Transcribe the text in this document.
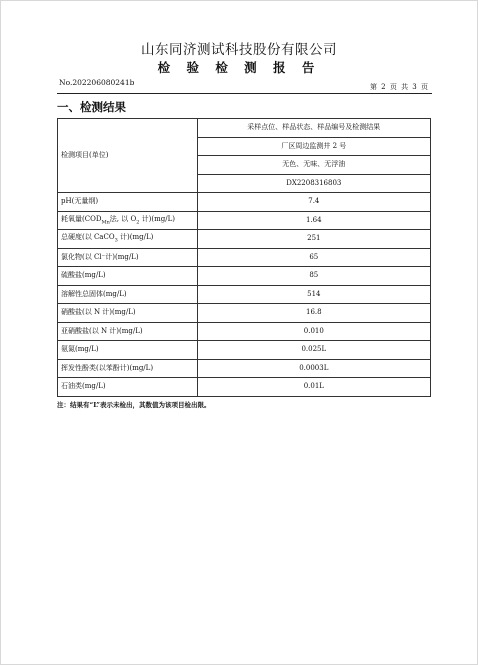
山东同济测试科技股份有限公司
检 验 检 测 报 告
No.202206080241b	第 2 页 共 3 页
一、检测结果
检测项目(单位)	采样点位、样品状态、样品编号及检测结果
	厂区周边监测井 2 号
	无色、无味、无浮油
	DX2208316803
pH(无量纲)	7.4
耗氧量($COD_{Mn}$法, 以 $O_2$ 计)(mg/L)	1.64
总硬度(以 CaCO$_3$ 计)(mg/L)	251
氯化物(以 Cl⁻计)(mg/L)	65
硫酸盐(mg/L)	85
溶解性总固体(mg/L)	514
硝酸盐(以 N 计)(mg/L)	16.8
亚硝酸盐(以 N 计)(mg/L)	0.010
氨氮(mg/L)	0.025L
挥发性酚类(以苯酚计)(mg/L)	0.0003L
石油类(mg/L)	0.01L
注：结果有“L”表示未检出，其数值为该项目检出限。
